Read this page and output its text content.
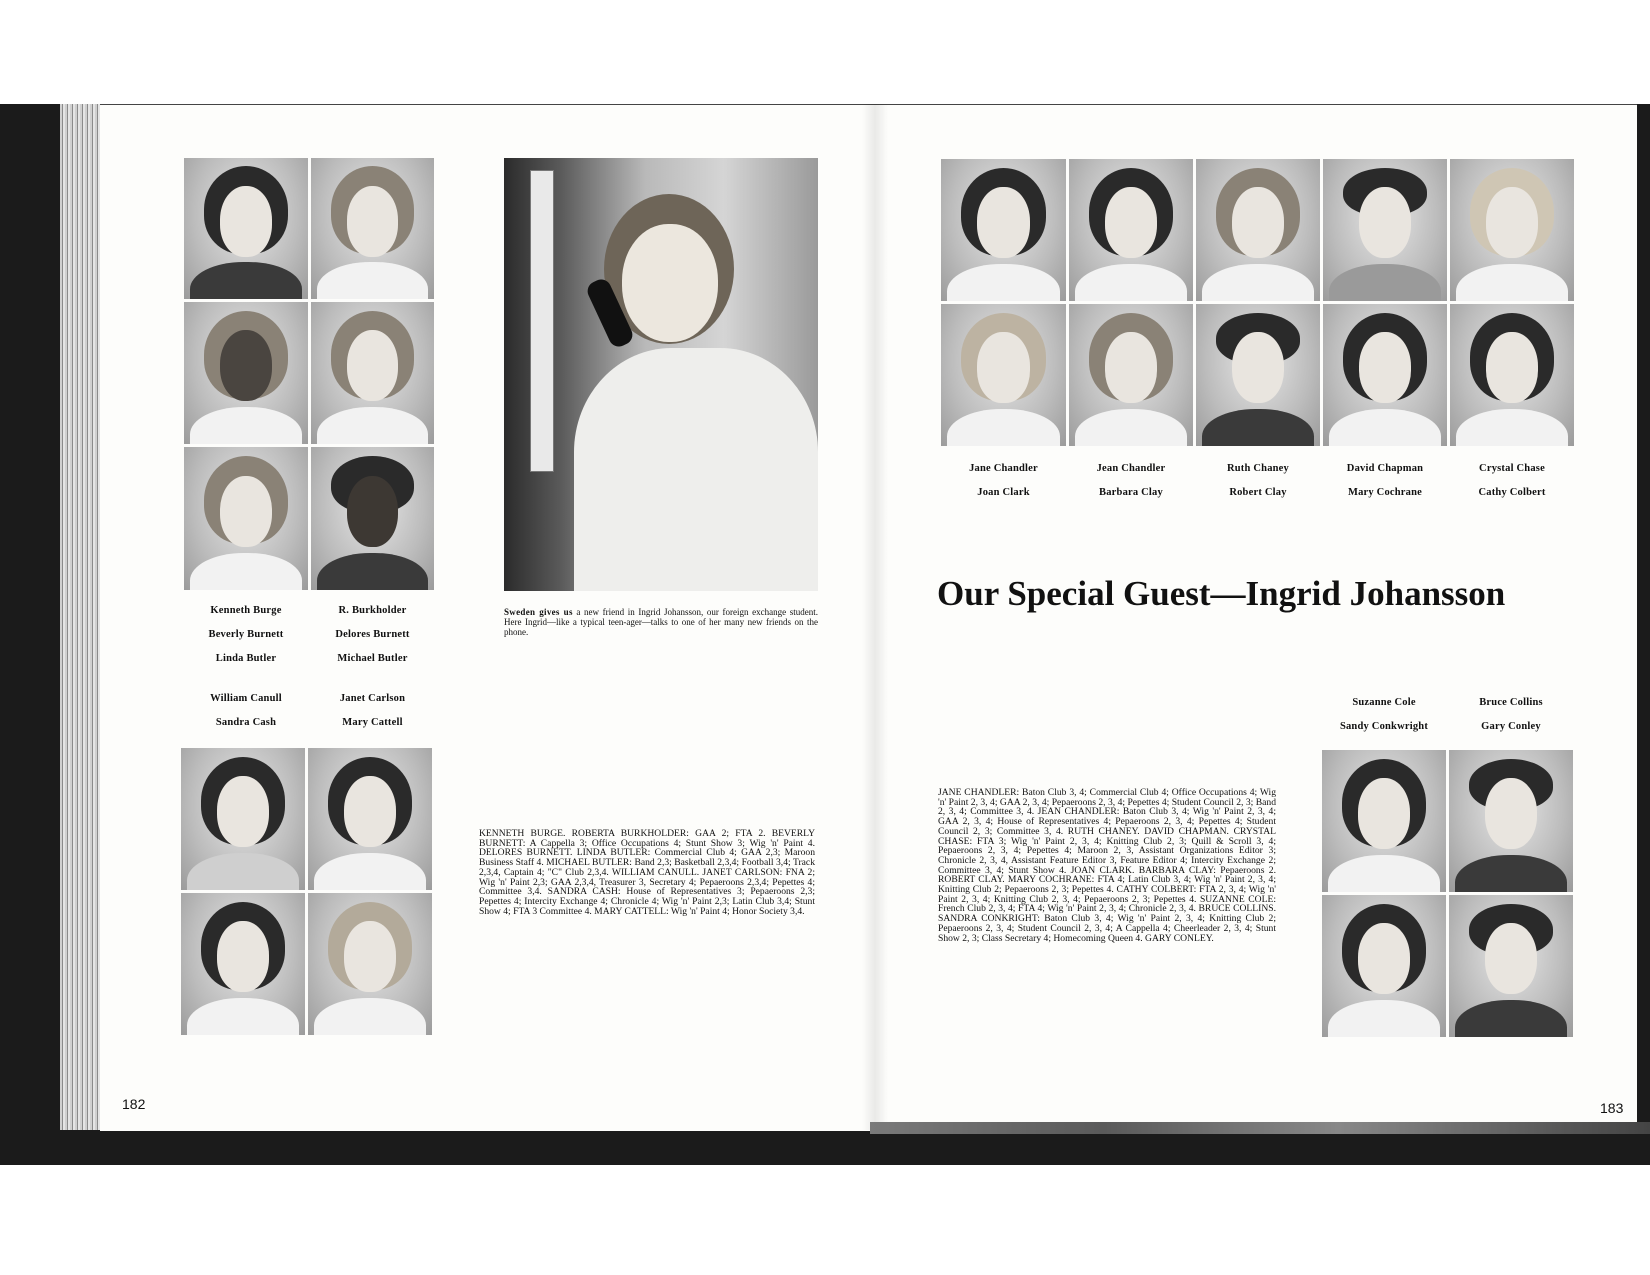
Kenneth Burge	R. Burkholder
Beverly Burnett	Delores Burnett
Linda Butler	Michael Butler
William Canull	Janet Carlson
Sandra Cash	Mary Cattell
Sweden gives us a new friend in Ingrid Johansson, our foreign exchange student. Here Ingrid—like a typical teen-ager—talks to one of her many new friends on the phone.
KENNETH BURGE. ROBERTA BURKHOLDER: GAA 2; FTA 2. BEVERLY BURNETT: A Cappella 3; Office Occupations 4; Stunt Show 3; Wig 'n' Paint 4. DELORES BURNETT. LINDA BUTLER: Commercial Club 4; GAA 2,3; Maroon Business Staff 4. MICHAEL BUTLER: Band 2,3; Basketball 2,3,4; Football 3,4; Track 2,3,4, Captain 4; "C" Club 2,3,4. WILLIAM CANULL. JANET CARLSON: FNA 2; Wig 'n' Paint 2,3; GAA 2,3,4, Treasurer 3, Secretary 4; Pepaeroons 2,3,4; Pepettes 4; Committee 3,4. SANDRA CASH: House of Representatives 3; Pepaeroons 2,3; Pepettes 4; Intercity Exchange 4; Chronicle 4; Wig 'n' Paint 2,3; Latin Club 3,4; Stunt Show 4; FTA 3 Committee 4. MARY CATTELL: Wig 'n' Paint 4; Honor Society 3,4.
182
Jane Chandler	Jean Chandler	Ruth Chaney	David Chapman	Crystal Chase
Joan Clark	Barbara Clay	Robert Clay	Mary Cochrane	Cathy Colbert
Our Special Guest—Ingrid Johansson
Suzanne Cole	Bruce Collins
Sandy Conkwright	Gary Conley
JANE CHANDLER: Baton Club 3, 4; Commercial Club 4; Office Occupations 4; Wig 'n' Paint 2, 3, 4; GAA 2, 3, 4; Pepaeroons 2, 3, 4; Pepettes 4; Student Council 2, 3; Band 2, 3, 4; Committee 3, 4. JEAN CHANDLER: Baton Club 3, 4; Wig 'n' Paint 2, 3, 4; GAA 2, 3, 4; House of Representatives 4; Pepaeroons 2, 3, 4; Pepettes 4; Student Council 2, 3; Committee 3, 4. RUTH CHANEY. DAVID CHAPMAN. CRYSTAL CHASE: FTA 3; Wig 'n' Paint 2, 3, 4; Knitting Club 2, 3; Quill & Scroll 3, 4; Pepaeroons 2, 3, 4; Pepettes 4; Maroon 2, 3, Assistant Organizations Editor 3; Chronicle 2, 3, 4, Assistant Feature Editor 3, Feature Editor 4; Intercity Exchange 2; Committee 3, 4; Stunt Show 4. JOAN CLARK. BARBARA CLAY: Pepaeroons 2. ROBERT CLAY. MARY COCHRANE: FTA 4; Latin Club 3, 4; Wig 'n' Paint 2, 3, 4; Knitting Club 2; Pepaeroons 2, 3; Pepettes 4. CATHY COLBERT: FTA 2, 3, 4; Wig 'n' Paint 2, 3, 4; Knitting Club 2, 3, 4; Pepaeroons 2, 3; Pepettes 4. SUZANNE COLE: French Club 2, 3, 4; FTA 4; Wig 'n' Paint 2, 3, 4; Chronicle 2, 3, 4. BRUCE COLLINS. SANDRA CONKRIGHT: Baton Club 3, 4; Wig 'n' Paint 2, 3, 4; Knitting Club 2; Pepaeroons 2, 3, 4; Student Council 2, 3, 4; A Cappella 4; Cheerleader 2, 3, 4; Stunt Show 2, 3; Class Secretary 4; Homecoming Queen 4. GARY CONLEY.
183
